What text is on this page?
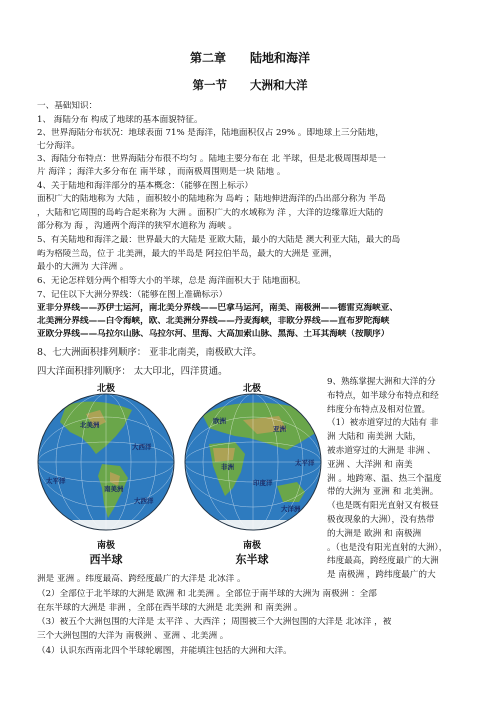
第二章　　陆地和海洋
第一节　　大洲和大洋
一、基础知识：
1、 海陆分布 构成了地球的基本面貌特征。
2、世界海陆分布状况：地球表面 71% 是海洋，陆地面积仅占 29% 。即地球上三分陆地，
七分海洋。
3、海陆分布特点：世界海陆分布很不均匀 。陆地主要分布在 北 半球，但是北极周围却是一
片 海洋 ；海洋大多分布在 南半球 ，而南极周围则是一块 陆地 。
4、关于陆地和海洋部分的基本概念：（能够在图上标示）
面积广大的陆地称为 大陆 ，面积较小的陆地称为 岛屿 ；陆地伸进海洋的凸出部分称为 半岛
，大陆和它周围的岛屿合起来称为 大洲 。面积广大的水域称为 洋 ，大洋的边缘靠近大陆的
部分称为 海 ，沟通两个海洋的狭窄水道称为 海峡 。
5、有关陆地和海洋之最：世界最大的大陆是 亚欧大陆，最小的大陆是 澳大利亚大陆，最大的岛
屿为格陵兰岛，位于 北美洲，最大的半岛是 阿拉伯半岛，最大的大洲是 亚洲，
最小的大洲为 大洋洲 。
6、无论怎样划分两个相等大小的半球，总是 海洋面积大于 陆地面积。
7、记住以下大洲分界线：（能够在图上准确标示）
亚非分界线——苏伊士运河，南北美分界线——巴拿马运河，南美、南极洲——德雷克海峡亚、
北美洲分界线——白令海峡，欧、北美洲分界线——丹麦海峡，非欧分界线——直布罗陀海峡
亚欧分界线——乌拉尔山脉、乌拉尔河、里海、大高加索山脉、黑海、土耳其海峡（按顺序）
8、七大洲面积排列顺序： 亚非北南美，南极欧大洋。
四大洋面积排列顺序： 太大印北，四洋贯通。
9、熟练掌握大洲和大洋的分
布特点，如半球分布特点和经
纬度分布特点及相对位置。
（1）被赤道穿过的大陆有 非
洲 大陆和 南美洲 大陆，
被赤道穿过的大洲是 非洲 、
亚洲 、大洋洲 和 南美
洲 。地跨寒、温、热三个温度
带的大洲为 亚洲 和 北美洲。
（也是既有阳光直射又有极昼
极夜现象的大洲），没有热带
的大洲是 欧洲 和 南极洲
。（也是没有阳光直射的大洲），
纬度最高，跨经度最广的大洲
是 南极洲 ，跨纬度最广的大
洲是 亚洲 。纬度最高、跨经度最广的大洋是 北冰洋 。
（2）全部位于北半球的大洲是 欧洲 和 北美洲 。全部位于南半球的大洲为 南极洲 ：全部
在东半球的大洲是 非洲 ，全部在西半球的大洲是 北美洲 和 南美洲 。
（3）被五个大洲包围的大洋是 太平洋 、大西洋 ；周围被三个大洲包围的大洋是 北冰洋 ，被
三个大洲包围的大洋为 南极洲 、亚洲 、北美洲 。
（4）认识东西南北四个半球轮廓图，并能填注包括的大洲和大洋。
北美洲
大西洋
太平洋
南美洲
大西洋
北极
南极
西半球
欧洲
亚洲
非洲
印度洋
大洋洲
太平洋
北极
南极
东半球
